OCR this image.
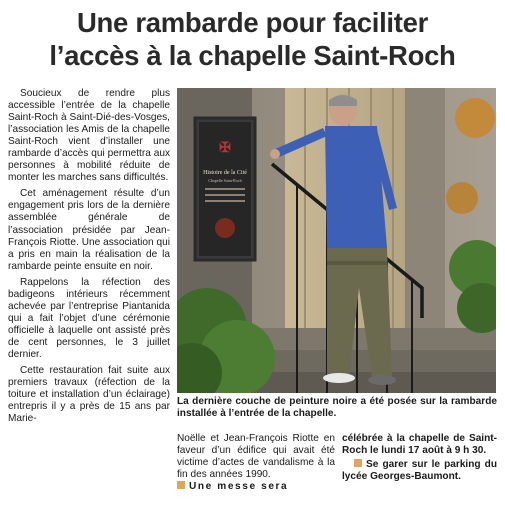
Une rambarde pour faciliter
l’accès à la chapelle Saint-Roch

Soucieux de rendre plus accessible l’entrée de la chapelle Saint-Roch à Saint-Dié-des-Vosges, l’association les Amis de la chapelle Saint-Roch vient d’installer une rambarde d’accès qui permettra aux personnes à mobilité réduite de monter les marches sans difficultés.

Cet aménagement résulte d’un engagement pris lors de la dernière assemblée générale de l’association présidée par Jean-François Riotte. Une association qui a pris en main la réalisation de la rambarde peinte ensuite en noir.

Rappelons la réfection des badigeons intérieurs récemment achevée par l’entreprise Piantanida qui a fait l’objet d’une cérémonie officielle à laquelle ont assisté près de cent personnes, le 3 juillet dernier.

Cette restauration fait suite aux premiers travaux (réfection de la toiture et installation d’un éclairage) entrepris il y a près de 15 ans par Marie-

✠
Histoire de la Cité
Chapelle Saint-Roch
La dernière couche de peinture noire a été posée sur la rambarde installée à l’entrée de la chapelle.

Noëlle et Jean-François Riotte en faveur d’un édifice qui avait été victime d’actes de vandalisme à la fin des années 1990.

Une messe sera

célébrée à la chapelle de Saint-Roch le lundi 17 août à 9 h 30.

Se garer sur le parking du lycée Georges-Baumont.
